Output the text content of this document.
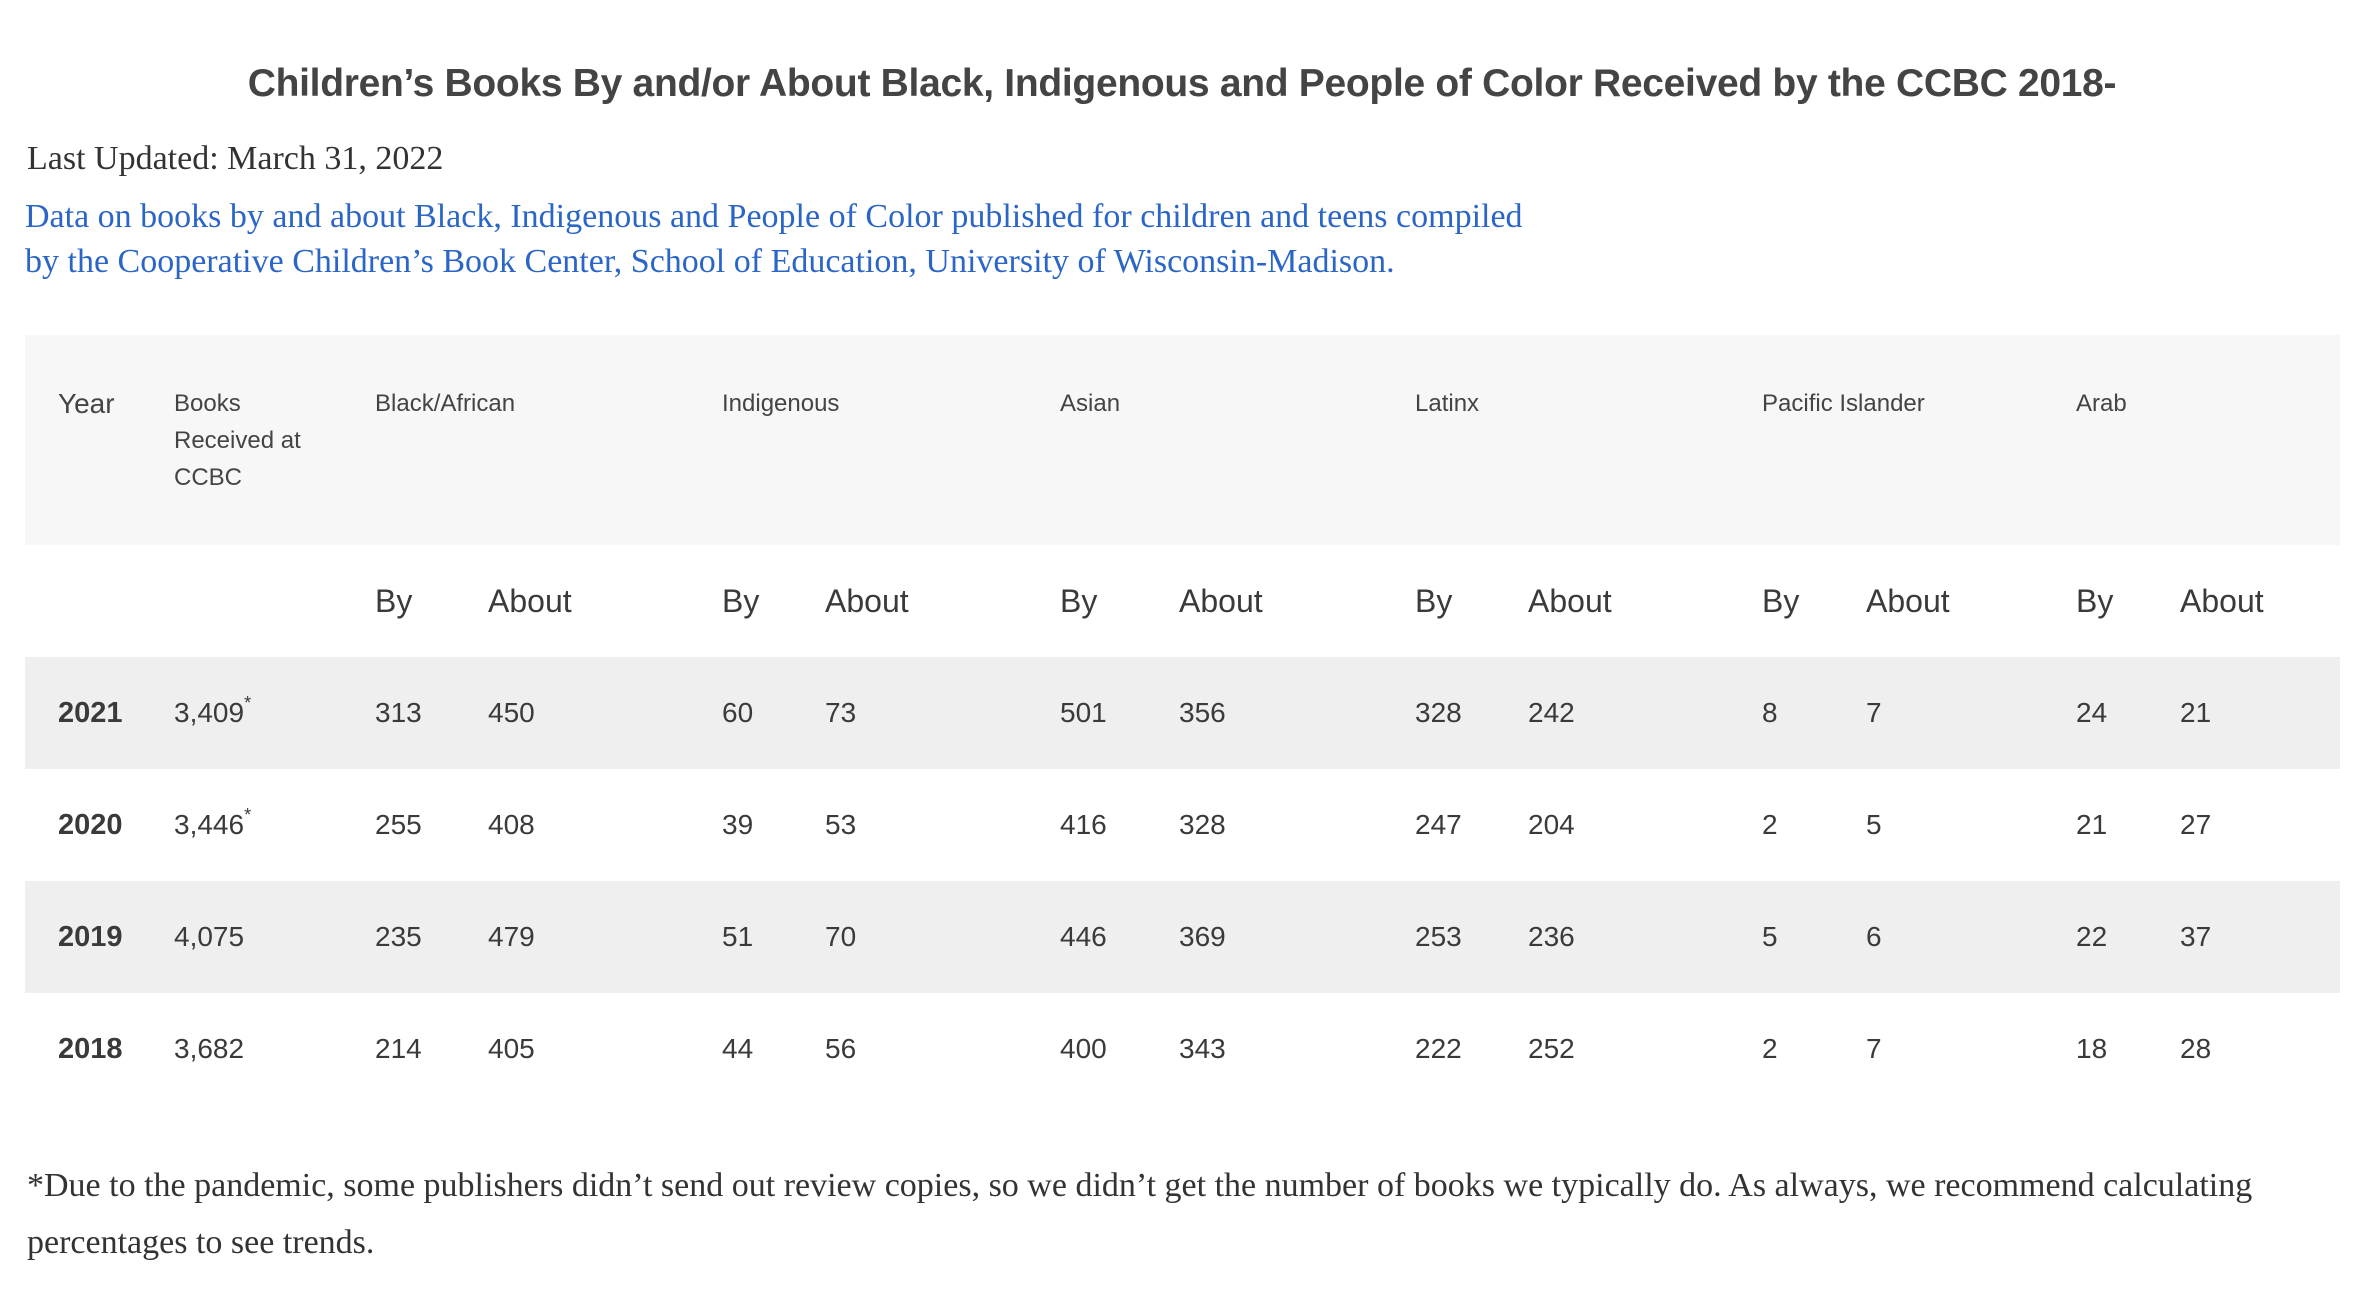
Children’s Books By and/or About Black, Indigenous and People of Color Received by the CCBC 2018-

Last Updated: March 31, 2022

Data on books by and about Black, Indigenous and People of Color published for children and teens compiled by the Cooperative Children’s Book Center, School of Education, University of Wisconsin-Madison.

Year	Books Received at CCBC	Black/African		Indigenous		Asian		Latinx		Pacific Islander		Arab	
		By	About	By	About	By	About	By	About	By	About	By	About
2021	3,409*	313	450	60	73	501	356	328	242	8	7	24	21
2020	3,446*	255	408	39	53	416	328	247	204	2	5	21	27
2019	4,075	235	479	51	70	446	369	253	236	5	6	22	37
2018	3,682	214	405	44	56	400	343	222	252	2	7	18	28

*Due to the pandemic, some publishers didn’t send out review copies, so we didn’t get the number of books we typically do. As always, we recommend calculating percentages to see trends.
